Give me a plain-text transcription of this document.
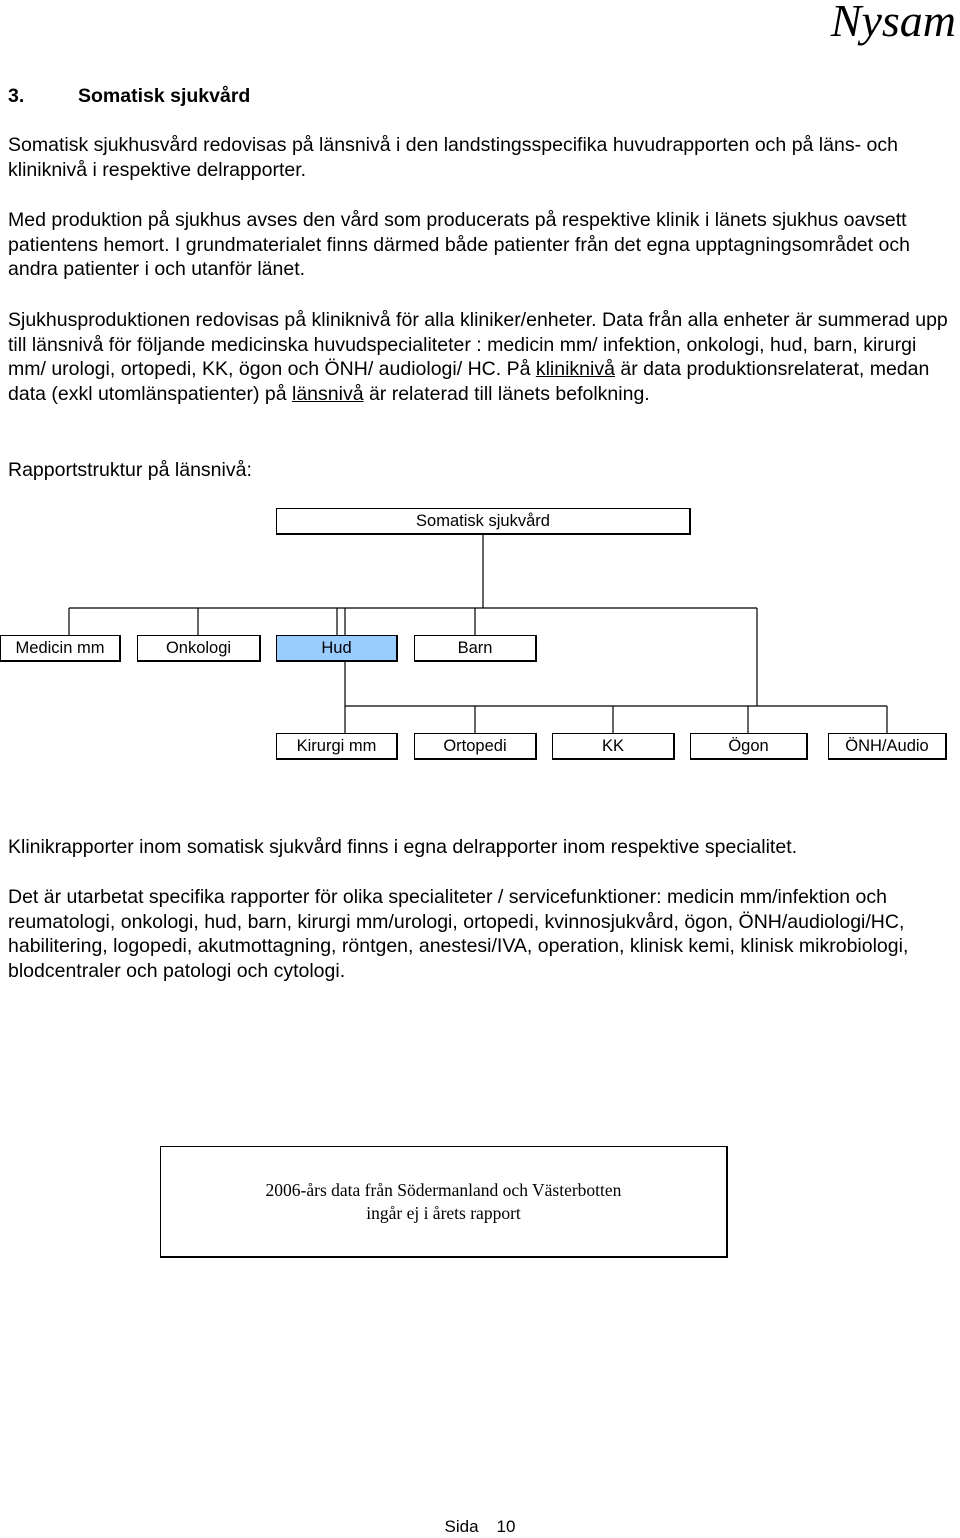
Nysam
3.	Somatisk sjukvård
Somatisk sjukhusvård redovisas på länsnivå i den landstingsspecifika huvudrapporten och på läns- och kliniknivå i respektive delrapporter.
Med produktion på sjukhus avses den vård som producerats på respektive klinik i länets sjukhus oavsett patientens hemort. I grundmaterialet finns därmed både patienter från det egna upptagningsområdet och andra patienter i och utanför länet.
Sjukhusproduktionen redovisas på kliniknivå för alla kliniker/enheter. Data från alla enheter är summerad upp till länsnivå för följande medicinska huvudspecialiteter : medicin mm/ infektion, onkologi, hud, barn, kirurgi mm/ urologi, ortopedi, KK, ögon och ÖNH/ audiologi/ HC. På kliniknivå är data produktionsrelaterat, medan data (exkl utomlänspatienter) på länsnivå är relaterad till länets befolkning.
Rapportstruktur på länsnivå:
Somatisk sjukvård
Medicin mm	Onkologi	Hud	Barn
Kirurgi mm	Ortopedi	KK	Ögon	ÖNH/Audio
Klinikrapporter inom somatisk sjukvård finns i egna delrapporter inom respektive specialitet.
Det är utarbetat specifika rapporter för olika specialiteter / servicefunktioner: medicin mm/infektion och reumatologi, onkologi, hud, barn, kirurgi mm/urologi, ortopedi, kvinnosjukvård, ögon, ÖNH/audiologi/HC, habilitering, logopedi, akutmottagning, röntgen, anestesi/IVA, operation, klinisk kemi, klinisk mikrobiologi, blodcentraler och patologi och cytologi.
2006-års data från Södermanland och Västerbotten
ingår ej i årets rapport
Sida 10
